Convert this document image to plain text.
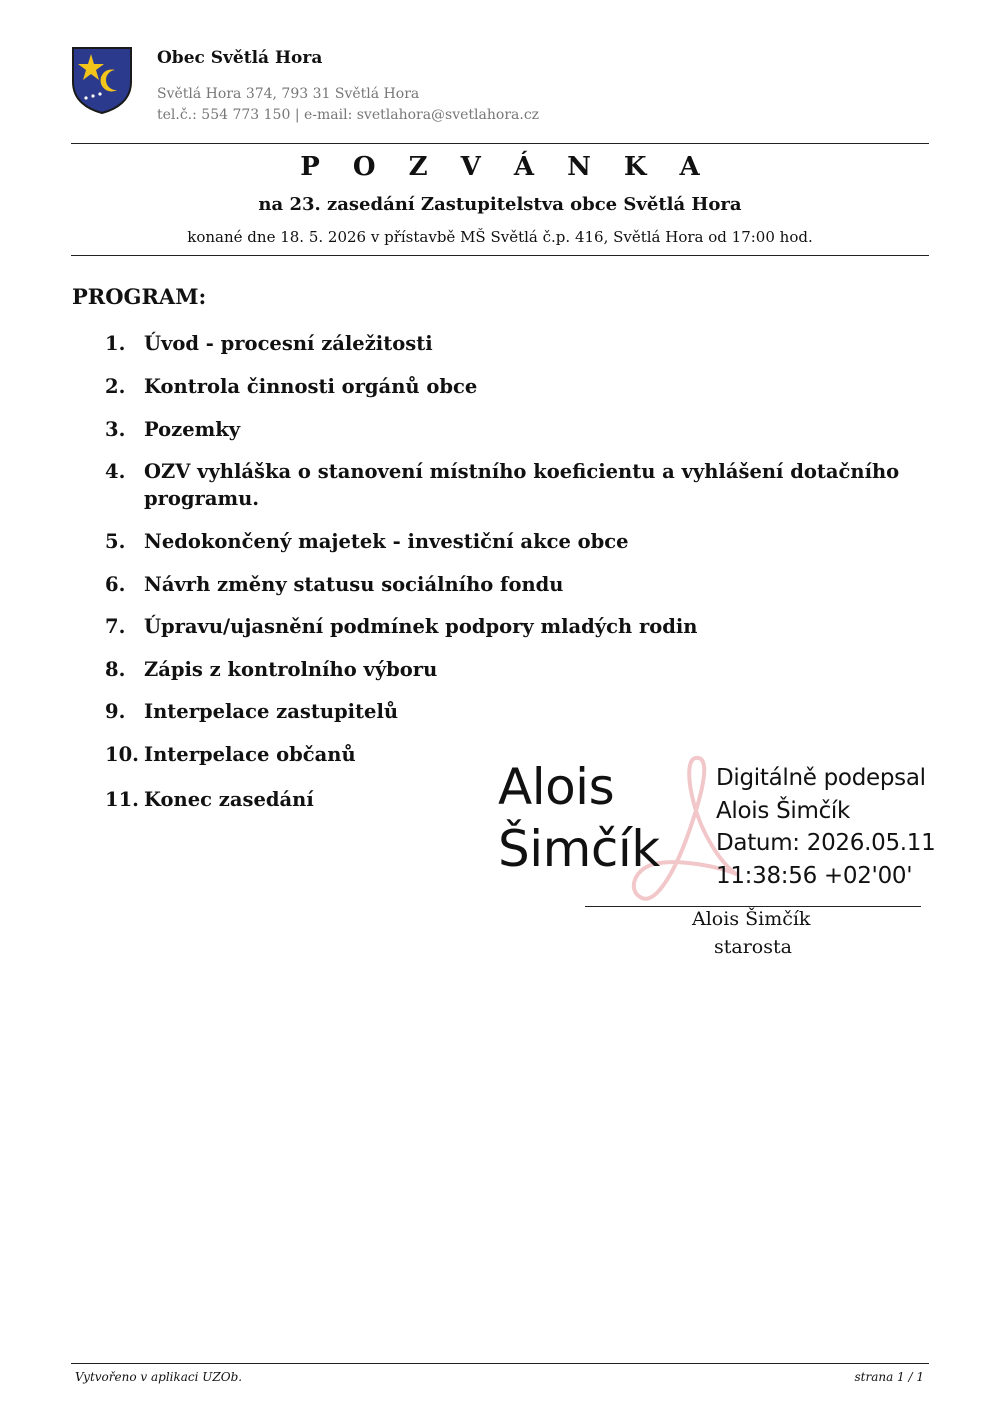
Obec Světlá Hora
Světlá Hora 374, 793 31 Světlá Hora
tel.č.: 554 773 150 | e-mail: svetlahora@svetlahora.cz
P O Z V Á N K A
na 23. zasedání Zastupitelstva obce Světlá Hora
konané dne 18. 5. 2026 v přístavbě MŠ Světlá č.p. 416, Světlá Hora od 17:00 hod.
PROGRAM:
1. Úvod - procesní záležitosti
2. Kontrola činnosti orgánů obce
3. Pozemky
4. OZV vyhláška o stanovení místního koeficientu a vyhlášení dotačního programu.
5. Nedokončený majetek - investiční akce obce
6. Návrh změny statusu sociálního fondu
7. Úpravu/ujasnění podmínek podpory mladých rodin
8. Zápis z kontrolního výboru
9. Interpelace zastupitelů
10. Interpelace občanů
11. Konec zasedání	Alois
Šimčík
Digitálně podepsal
Alois Šimčík
Datum: 2026.05.11
11:38:56 +02'00'
Alois Šimčík
starosta
Vytvořeno v aplikaci UZOb.	strana 1 / 1
